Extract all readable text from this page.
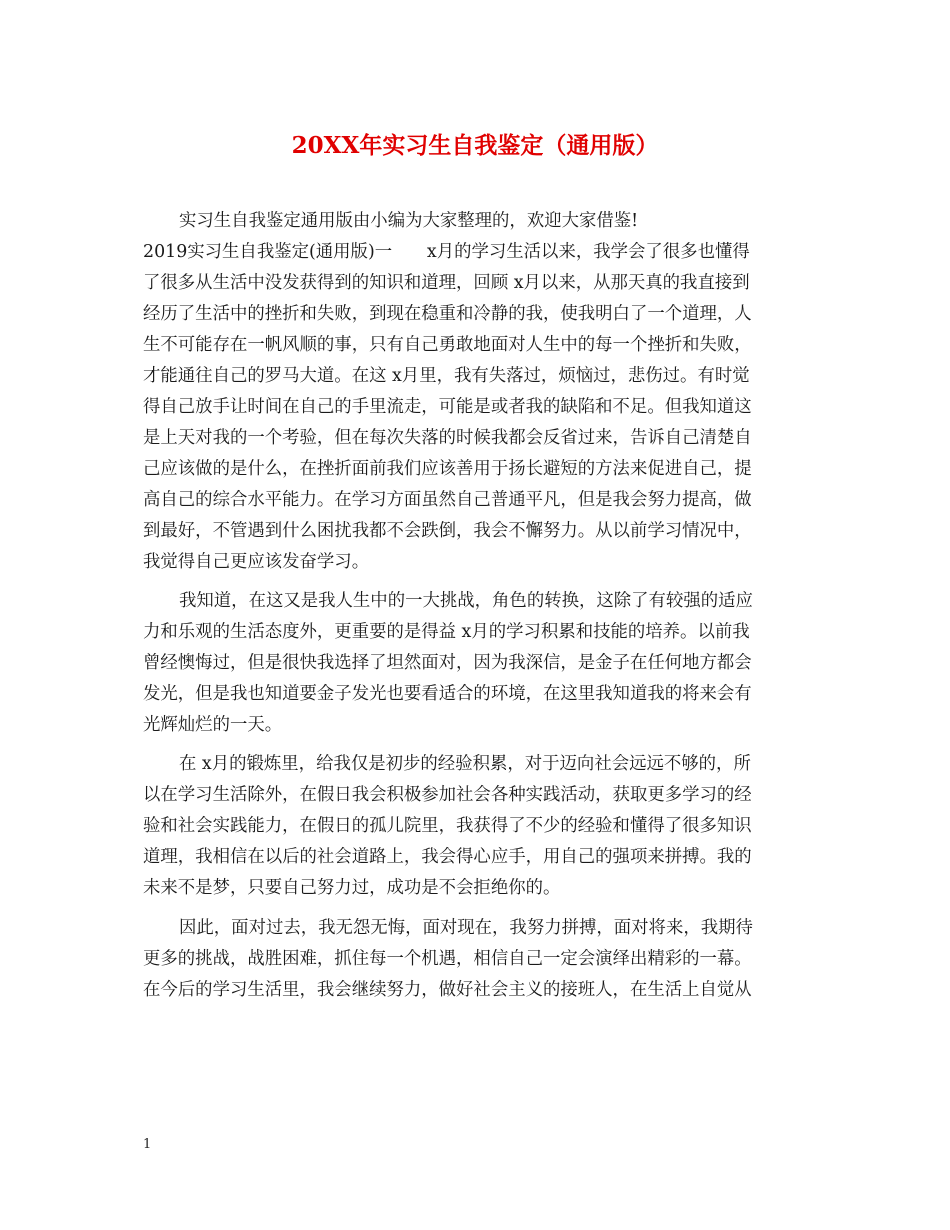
20XX年实习生自我鉴定（通用版）
实习生自我鉴定通用版由小编为大家整理的，欢迎大家借鉴!
2019实习生自我鉴定(通用版)一　　x月的学习生活以来，我学会了很多也懂得
了很多从生活中没发获得到的知识和道理，回顾 x月以来，从那天真的我直接到
经历了生活中的挫折和失败，到现在稳重和冷静的我，使我明白了一个道理，人
生不可能存在一帆风顺的事，只有自己勇敢地面对人生中的每一个挫折和失败，
才能通往自己的罗马大道。在这 x月里，我有失落过，烦恼过，悲伤过。有时觉
得自己放手让时间在自己的手里流走，可能是或者我的缺陷和不足。但我知道这
是上天对我的一个考验，但在每次失落的时候我都会反省过来，告诉自己清楚自
己应该做的是什么，在挫折面前我们应该善用于扬长避短的方法来促进自己，提
高自己的综合水平能力。在学习方面虽然自己普通平凡，但是我会努力提高，做
到最好，不管遇到什么困扰我都不会跌倒，我会不懈努力。从以前学习情况中，
我觉得自己更应该发奋学习。
我知道，在这又是我人生中的一大挑战，角色的转换，这除了有较强的适应
力和乐观的生活态度外，更重要的是得益 x月的学习积累和技能的培养。以前我
曾经懊悔过，但是很快我选择了坦然面对，因为我深信，是金子在任何地方都会
发光，但是我也知道要金子发光也要看适合的环境，在这里我知道我的将来会有
光辉灿烂的一天。
在 x月的锻炼里，给我仅是初步的经验积累，对于迈向社会远远不够的，所
以在学习生活除外，在假日我会积极参加社会各种实践活动，获取更多学习的经
验和社会实践能力，在假日的孤儿院里，我获得了不少的经验和懂得了很多知识
道理，我相信在以后的社会道路上，我会得心应手，用自己的强项来拼搏。我的
未来不是梦，只要自己努力过，成功是不会拒绝你的。
因此，面对过去，我无怨无悔，面对现在，我努力拼搏，面对将来，我期待
更多的挑战，战胜困难，抓住每一个机遇，相信自己一定会演绎出精彩的一幕。
在今后的学习生活里，我会继续努力，做好社会主义的接班人，在生活上自觉从
1
